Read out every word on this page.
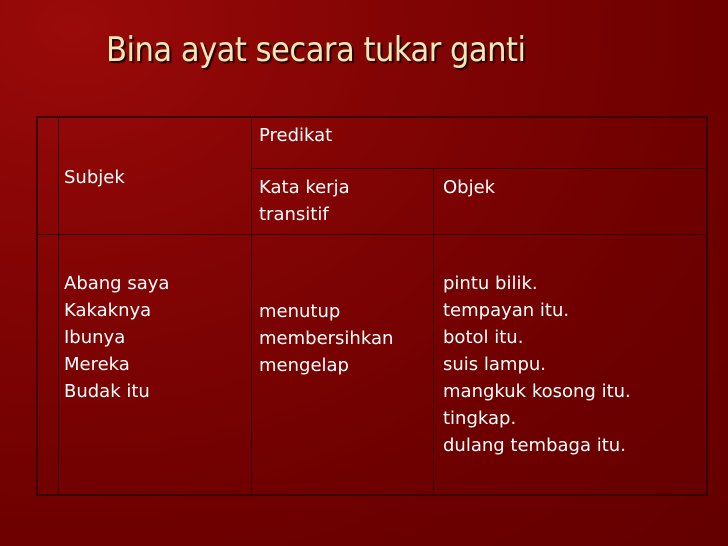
Bina ayat secara tukar ganti
Subjek
Predikat
Kata kerja
transitif
Objek
Abang saya
Kakaknya
Ibunya
Mereka
Budak itu
menutup
membersihkan
mengelap
pintu bilik.
tempayan itu.
botol itu.
suis lampu.
mangkuk kosong itu.
tingkap.
dulang tembaga itu.
